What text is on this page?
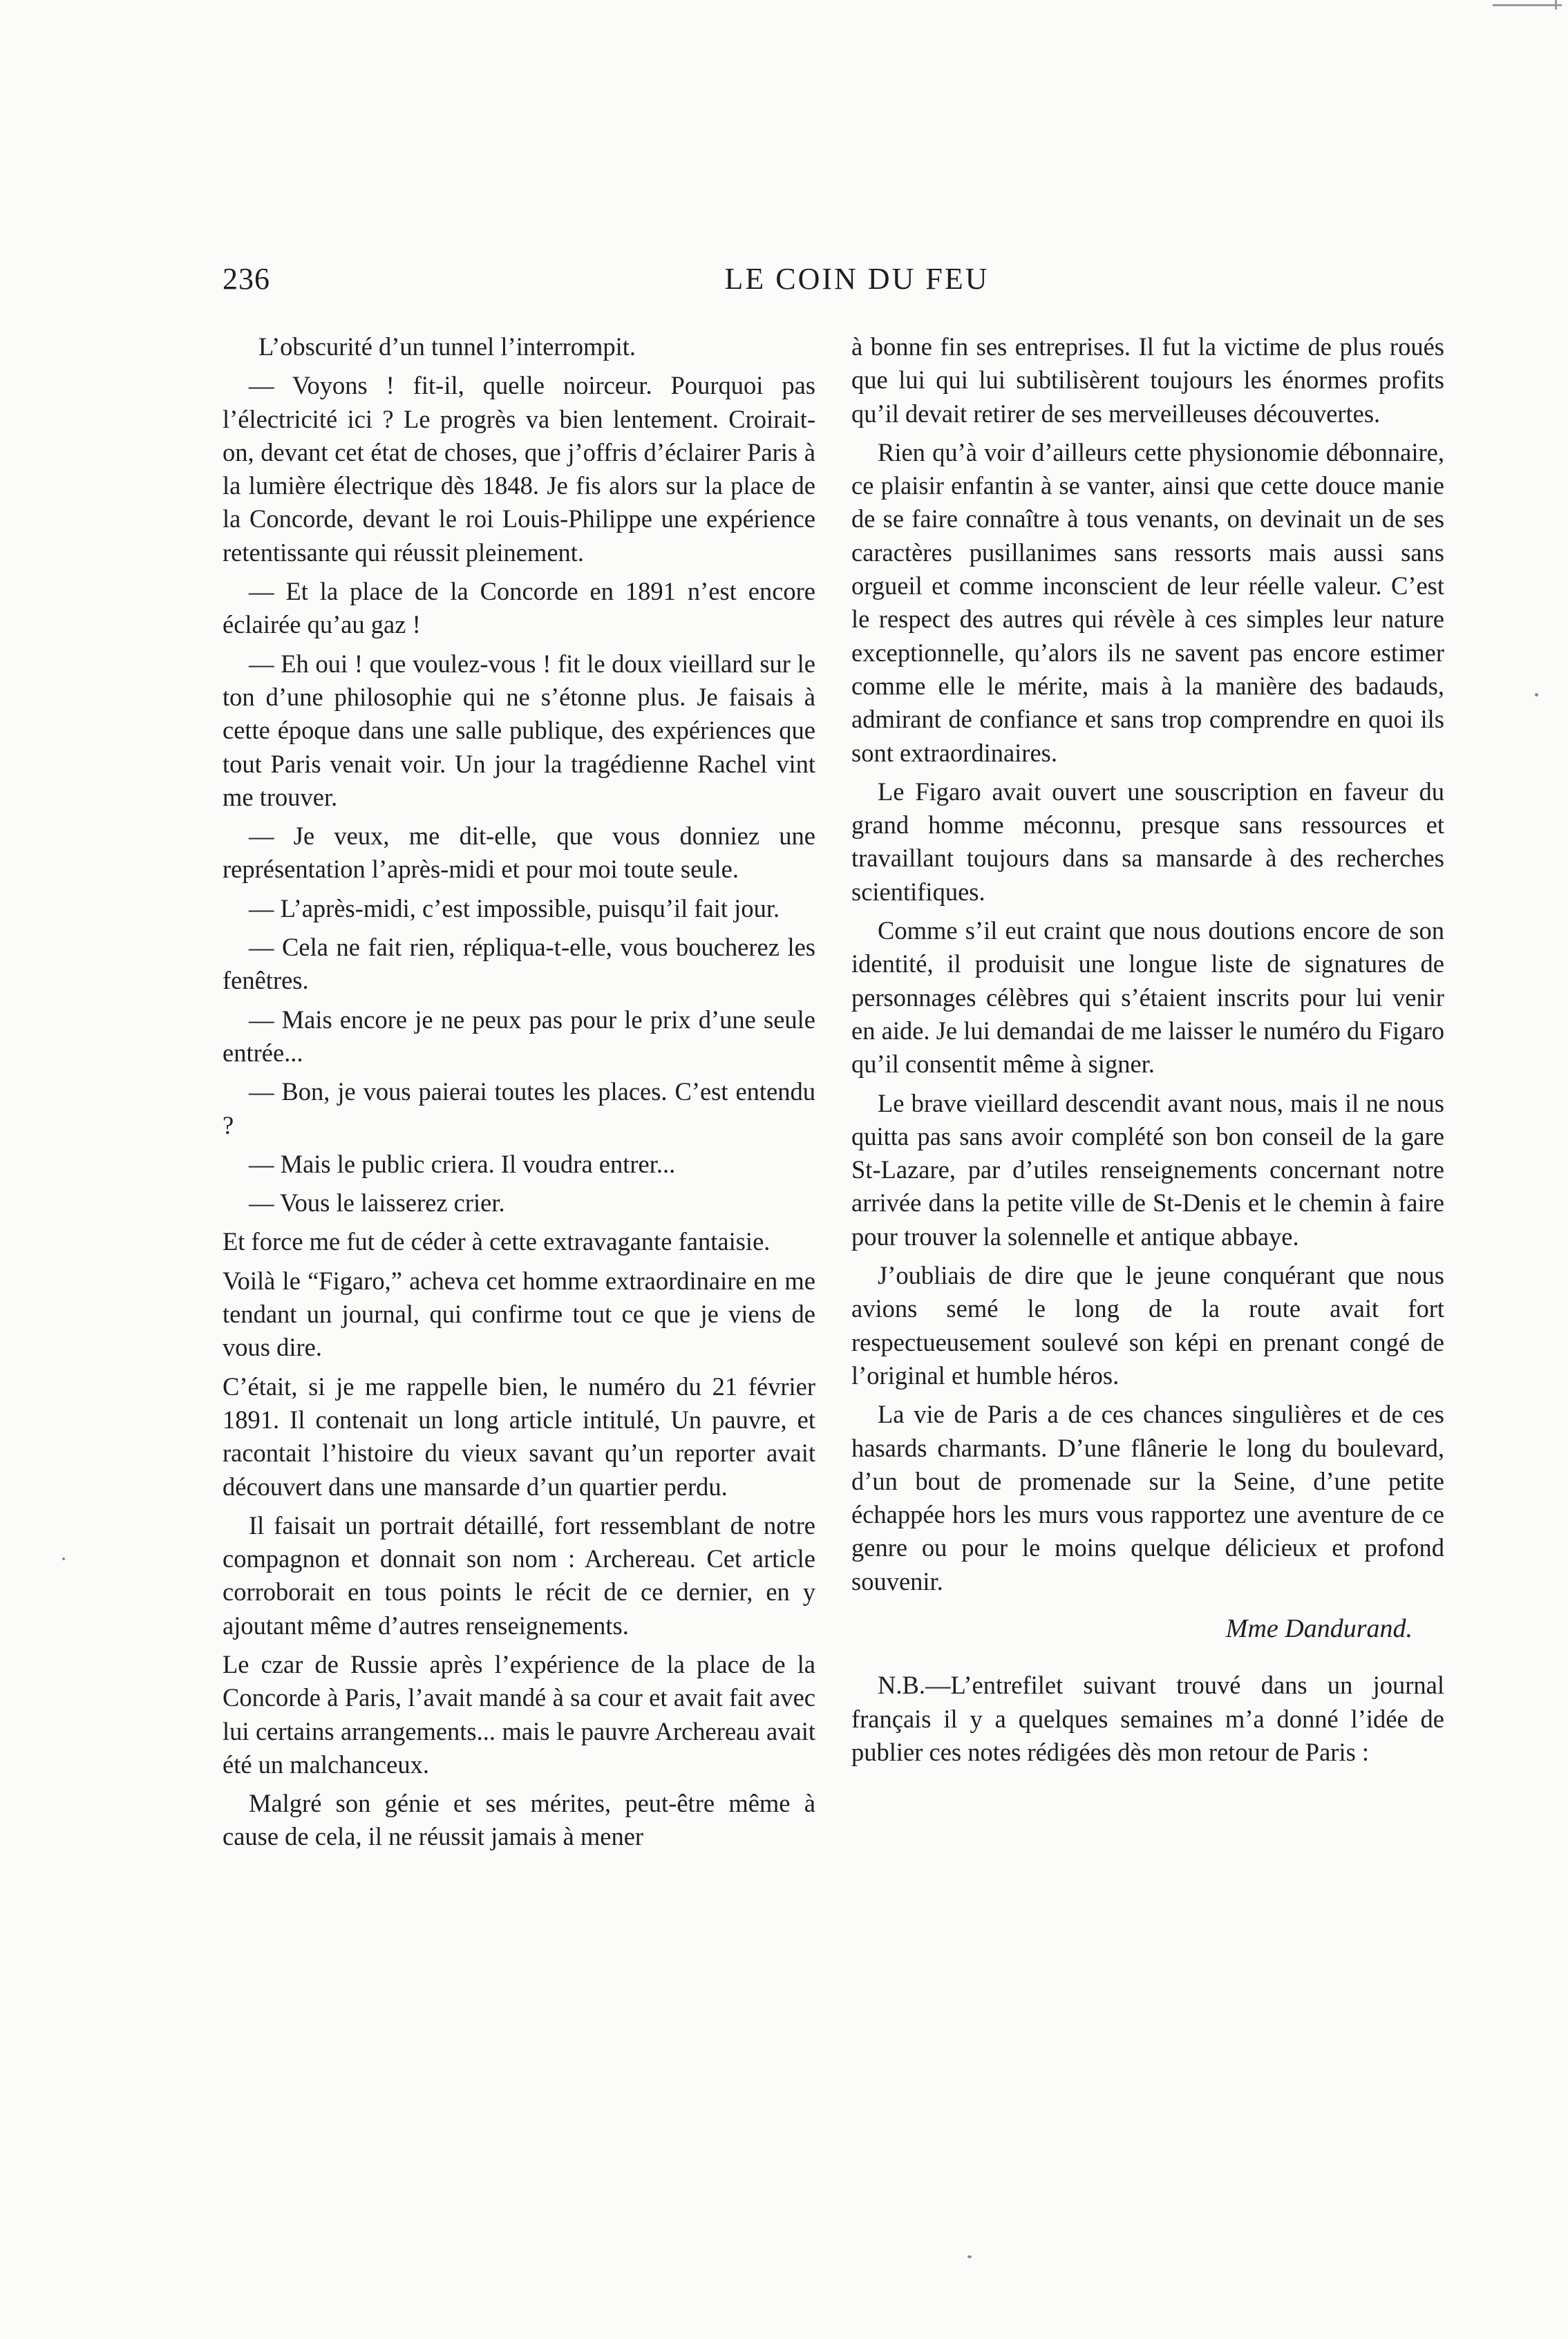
236	LE COIN DU FEU

L’obscurité d’un tunnel l’interrompit.

— Voyons ! fit-il, quelle noirceur. Pourquoi pas l’électricité ici ? Le progrès va bien lentement. Croirait-on, devant cet état de choses, que j’offris d’éclairer Paris à la lumière électrique dès 1848. Je fis alors sur la place de la Concorde, devant le roi Louis-Philippe une expérience retentissante qui réussit pleinement.

— Et la place de la Concorde en 1891 n’est encore éclairée qu’au gaz !

— Eh oui ! que voulez-vous ! fit le doux vieillard sur le ton d’une philosophie qui ne s’étonne plus. Je faisais à cette époque dans une salle publique, des expériences que tout Paris venait voir. Un jour la tragédienne Rachel vint me trouver.

— Je veux, me dit-elle, que vous donniez une représentation l’après-midi et pour moi toute seule.

— L’après-midi, c’est impossible, puisqu’il fait jour.

— Cela ne fait rien, répliqua-t-elle, vous boucherez les fenêtres.

— Mais encore je ne peux pas pour le prix d’une seule entrée...

— Bon, je vous paierai toutes les places. C’est entendu ?

— Mais le public criera. Il voudra entrer...

— Vous le laisserez crier.

Et force me fut de céder à cette extravagante fantaisie.

Voilà le “Figaro,” acheva cet homme extraordinaire en me tendant un journal, qui confirme tout ce que je viens de vous dire.

C’était, si je me rappelle bien, le numéro du 21 février 1891. Il contenait un long article intitulé, Un pauvre, et racontait l’histoire du vieux savant qu’un reporter avait découvert dans une mansarde d’un quartier perdu.

Il faisait un portrait détaillé, fort ressemblant de notre compagnon et donnait son nom : Archereau. Cet article corroborait en tous points le récit de ce dernier, en y ajoutant même d’autres renseignements.

Le czar de Russie après l’expérience de la place de la Concorde à Paris, l’avait mandé à sa cour et avait fait avec lui certains arrangements... mais le pauvre Archereau avait été un malchanceux.

Malgré son génie et ses mérites, peut-être même à cause de cela, il ne réussit jamais à mener

à bonne fin ses entreprises. Il fut la victime de plus roués que lui qui lui subtilisèrent toujours les énormes profits qu’il devait retirer de ses merveilleuses découvertes.

Rien qu’à voir d’ailleurs cette physionomie débonnaire, ce plaisir enfantin à se vanter, ainsi que cette douce manie de se faire connaître à tous venants, on devinait un de ses caractères pusillanimes sans ressorts mais aussi sans orgueil et comme inconscient de leur réelle valeur. C’est le respect des autres qui révèle à ces simples leur nature exceptionnelle, qu’alors ils ne savent pas encore estimer comme elle le mérite, mais à la manière des badauds, admirant de confiance et sans trop comprendre en quoi ils sont extraordinaires.

Le Figaro avait ouvert une souscription en faveur du grand homme méconnu, presque sans ressources et travaillant toujours dans sa mansarde à des recherches scientifiques.

Comme s’il eut craint que nous doutions encore de son identité, il produisit une longue liste de signatures de personnages célèbres qui s’étaient inscrits pour lui venir en aide. Je lui demandai de me laisser le numéro du Figaro qu’il consentit même à signer.

Le brave vieillard descendit avant nous, mais il ne nous quitta pas sans avoir complété son bon conseil de la gare St-Lazare, par d’utiles renseignements concernant notre arrivée dans la petite ville de St-Denis et le chemin à faire pour trouver la solennelle et antique abbaye.

J’oubliais de dire que le jeune conquérant que nous avions semé le long de la route avait fort respectueusement soulevé son képi en prenant congé de l’original et humble héros.

La vie de Paris a de ces chances singulières et de ces hasards charmants. D’une flânerie le long du boulevard, d’un bout de promenade sur la Seine, d’une petite échappée hors les murs vous rapportez une aventure de ce genre ou pour le moins quelque délicieux et profond souvenir.

Mme Dandurand.

N.B.—L’entrefilet suivant trouvé dans un journal français il y a quelques semaines m’a donné l’idée de publier ces notes rédigées dès mon retour de Paris :
